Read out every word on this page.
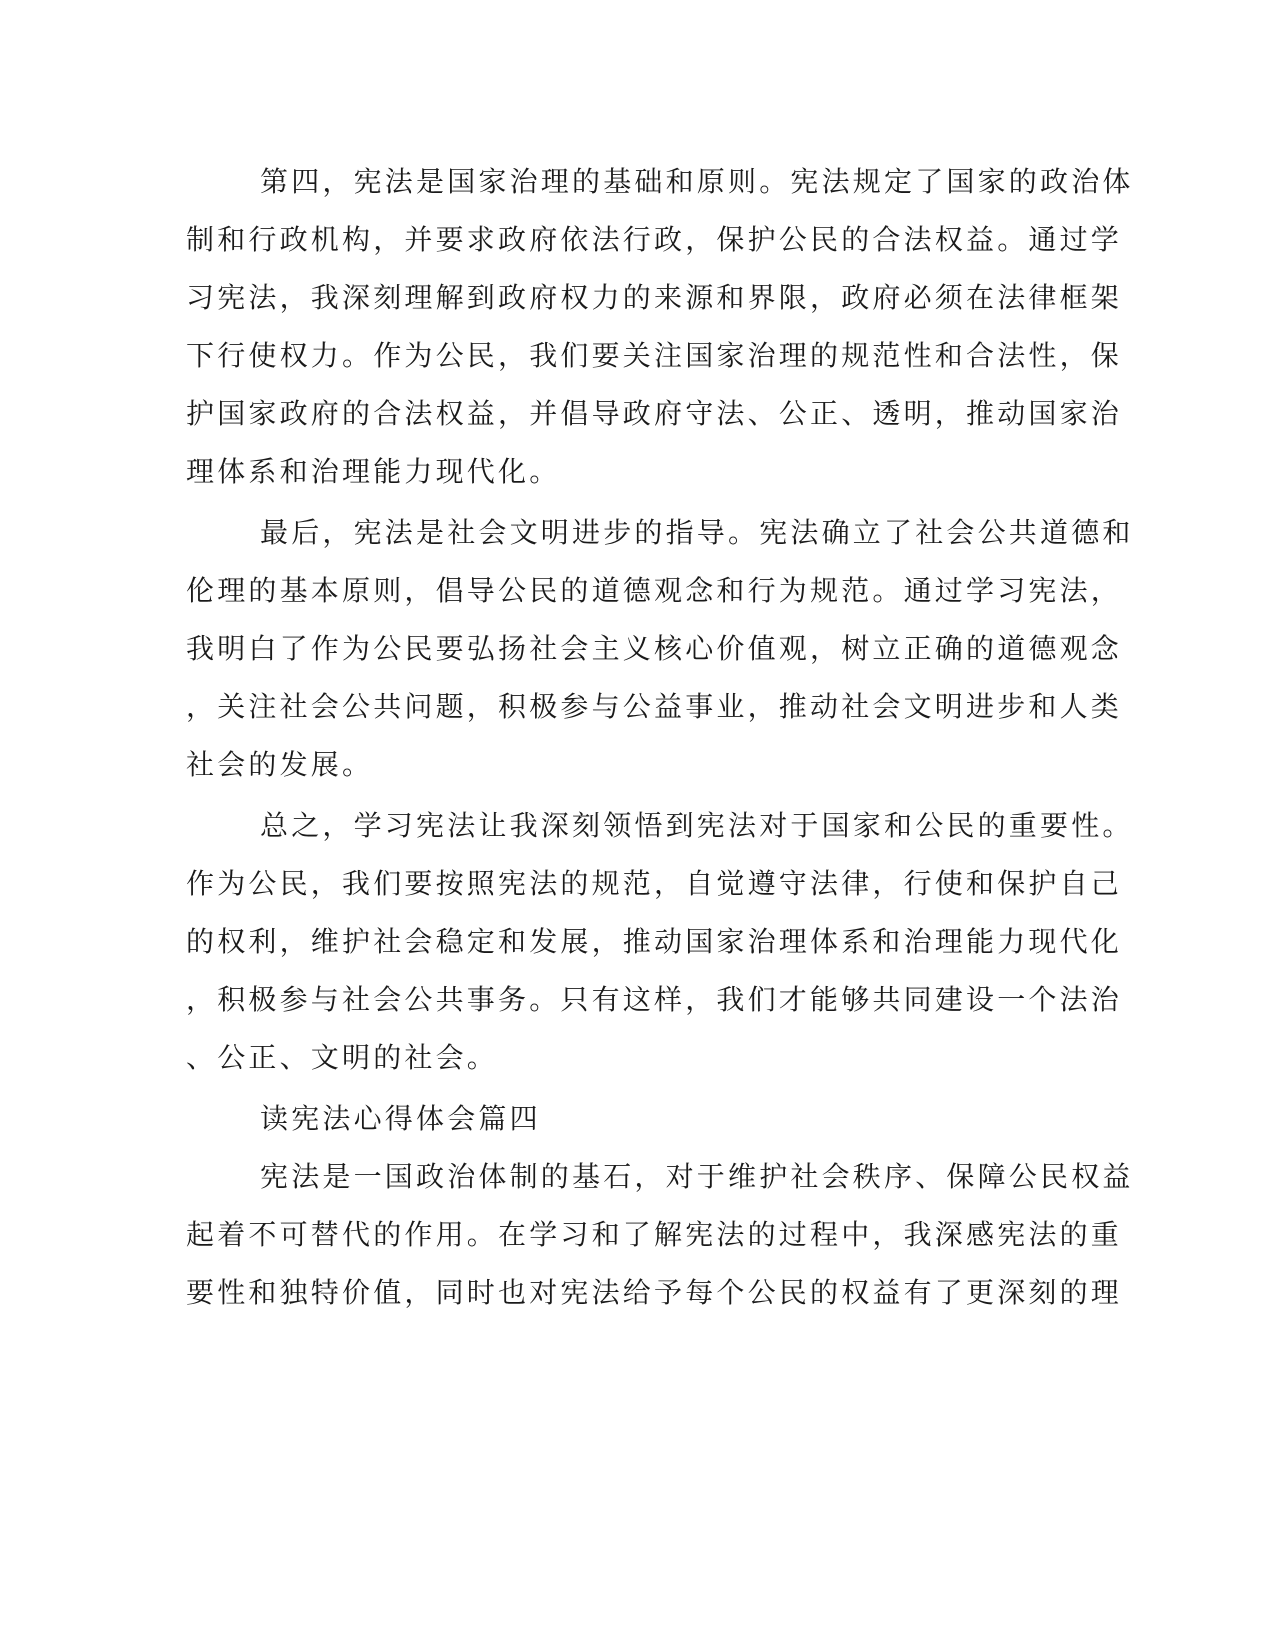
第四，宪法是国家治理的基础和原则。宪法规定了国家的政治体
制和行政机构，并要求政府依法行政，保护公民的合法权益。通过学
习宪法，我深刻理解到政府权力的来源和界限，政府必须在法律框架
下行使权力。作为公民，我们要关注国家治理的规范性和合法性，保
护国家政府的合法权益，并倡导政府守法、公正、透明，推动国家治
理体系和治理能力现代化。
最后，宪法是社会文明进步的指导。宪法确立了社会公共道德和
伦理的基本原则，倡导公民的道德观念和行为规范。通过学习宪法，
我明白了作为公民要弘扬社会主义核心价值观，树立正确的道德观念
，关注社会公共问题，积极参与公益事业，推动社会文明进步和人类
社会的发展。
总之，学习宪法让我深刻领悟到宪法对于国家和公民的重要性。
作为公民，我们要按照宪法的规范，自觉遵守法律，行使和保护自己
的权利，维护社会稳定和发展，推动国家治理体系和治理能力现代化
，积极参与社会公共事务。只有这样，我们才能够共同建设一个法治
、公正、文明的社会。
读宪法心得体会篇四
宪法是一国政治体制的基石，对于维护社会秩序、保障公民权益
起着不可替代的作用。在学习和了解宪法的过程中，我深感宪法的重
要性和独特价值，同时也对宪法给予每个公民的权益有了更深刻的理
